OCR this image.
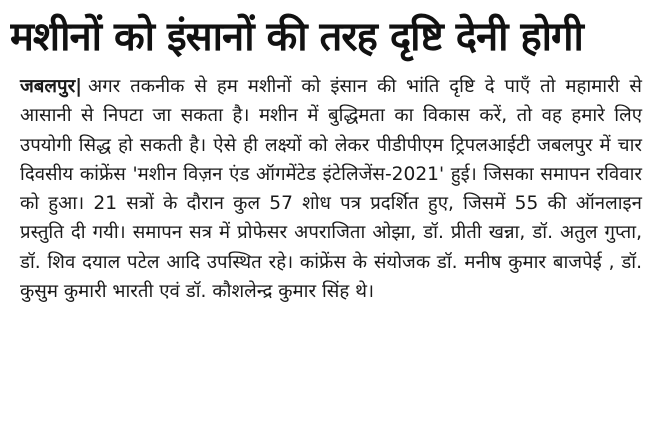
मशीनों को इंसानों की तरह दृष्टि देनी होगी

जबलपुर| अगर तकनीक से हम मशीनों को इंसान की भांति दृष्टि दे पाएँ तो महामारी से आसानी से निपटा जा सकता है। मशीन में बुद्धिमता का विकास करें, तो वह हमारे लिए उपयोगी सिद्ध हो सकती है। ऐसे ही लक्ष्यों को लेकर पीडीपीएम ट्रिपलआईटी जबलपुर में चार दिवसीय कांफ्रेंस 'मशीन विज़न एंड ऑगमेंटेड इंटेलिजेंस-2021' हुई। जिसका समापन रविवार को हुआ। 21 सत्रों के दौरान कुल 57 शोध पत्र प्रदर्शित हुए, जिसमें 55 की ऑनलाइन प्रस्तुति दी गयी। समापन सत्र में प्रोफेसर अपराजिता ओझा, डॉ. प्रीती खन्ना, डॉ. अतुल गुप्ता, डॉ. शिव दयाल पटेल आदि उपस्थित रहे। कांफ्रेंस के संयोजक डॉ. मनीष कुमार बाजपेई , डॉ. कुसुम कुमारी भारती एवं डॉ. कौशलेन्द्र कुमार सिंह थे।
